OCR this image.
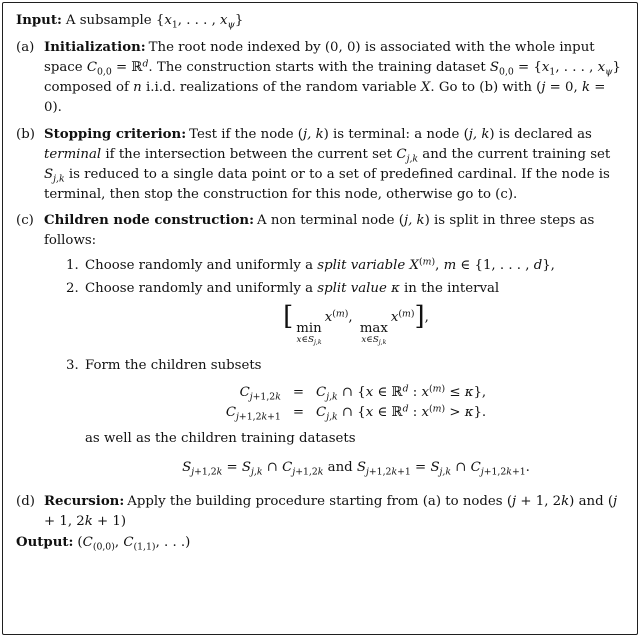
Input: A subsample {$x_1$, . . . , $x_\psi$}
(a) Initialization: The root node indexed by (0, 0) is associated with the whole input space $C_{0,0}$ = ℝ$^d$. The construction starts with the training dataset $S_{0,0} = \{x_1$, . . . , $x_\psi$} composed of n i.i.d. realizations of the random variable X. Go to (b) with (j = 0, k = 0).
(b) Stopping criterion: Test if the node (j, k) is terminal: a node (j, k) is declared as terminal if the intersection between the current set $C_{j,k}$ and the current training set $S_{j,k}$ is reduced to a single data point or to a set of predefined cardinal. If the node is terminal, then stop the construction for this node, otherwise go to (c).
(c) Children node construction: A non terminal node (j, k) is split in three steps as follows:
1. Choose randomly and uniformly a split variable $X^{(m)}$, m ∈ {1, . . . , d},
2. Choose randomly and uniformly a split value κ in the interval
[ min
$x\in S_{j,k}$
$x^{(m)}$,
max
$x\in S_{j,k}$
$x^{(m)}$],
3. Form the children subsets
$C_{j+1,2k}$	=	$C_{j,k}$ ∩ {x ∈ ℝ$^d$ : $x^{(m)} \le \kappa$},
$C_{j+1,2k+1}$	=	$C_{j,k}$ ∩ {x ∈ ℝ$^d$ : $x^{(m)} > \kappa$}.
as well as the children training datasets
$S_{j+1,2k} = S_{j,k}$ ∩ $C_{j+1,2k}$ and $S_{j+1,2k+1} = S_{j,k}$ ∩ $C_{j+1,2k+1}$.
(d) Recursion: Apply the building procedure starting from (a) to nodes (j + 1, 2k) and (j + 1, 2k + 1)
Output: ($C_{(0,0)}$, $C_{(1,1)}$, . . .)
